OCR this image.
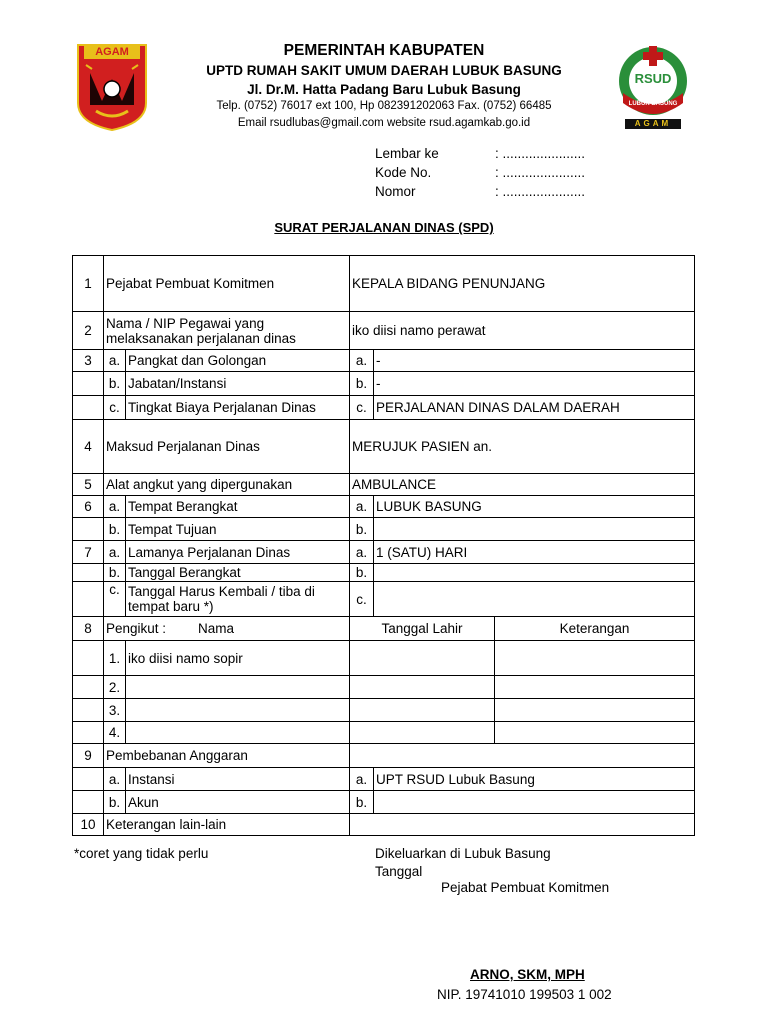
AGAM
RSUD
LUBUK BASUNG
AGAM
PEMERINTAH KABUPATEN
UPTD RUMAH SAKIT UMUM DAERAH LUBUK BASUNG
Jl. Dr.M. Hatta Padang Baru Lubuk Basung
Telp. (0752) 76017 ext 100, Hp 082391202063 Fax. (0752) 66485
Email rsudlubas@gmail.com website rsud.agamkab.go.id
Lembar ke	: ......................
Kode No.	: ......................
Nomor	: ......................
SURAT PERJALANAN DINAS (SPD)
1	Pejabat Pembuat Komitmen		KEPALA BIDANG PENUNJANG		
2	Nama / NIP Pegawai yang melaksanakan perjalanan dinas		iko diisi namo perawat		
3	a.	Pangkat dan Golongan	a.	-	
	b.	Jabatan/Instansi	b.	-	
	c.	Tingkat Biaya Perjalanan Dinas	c.	PERJALANAN DINAS DALAM DAERAH	
4	Maksud Perjalanan Dinas		MERUJUK PASIEN an.		
5	Alat angkut yang dipergunakan		AMBULANCE		
6	a.	Tempat Berangkat	a.	LUBUK BASUNG	
	b.	Tempat Tujuan	b.		
7	a.	Lamanya Perjalanan Dinas	a.	1 (SATU) HARI	
	b.	Tanggal Berangkat	b.		
	c.	Tanggal Harus Kembali / tiba di tempat baru *)	c.		
8	Pengikut : Nama		Tanggal Lahir		Keterangan
	1.	iko diisi namo sopir			
	2.				
	3.				
	4.				
9	Pembebanan Anggaran				
	a.	Instansi	a.	UPT RSUD Lubuk Basung	
	b.	Akun	b.		
10	Keterangan lain-lain				
*coret yang tidak perlu	Dikeluarkan di Lubuk Basung
Tanggal
Pejabat Pembuat Komitmen
ARNO, SKM, MPH
NIP. 19741010 199503 1 002
